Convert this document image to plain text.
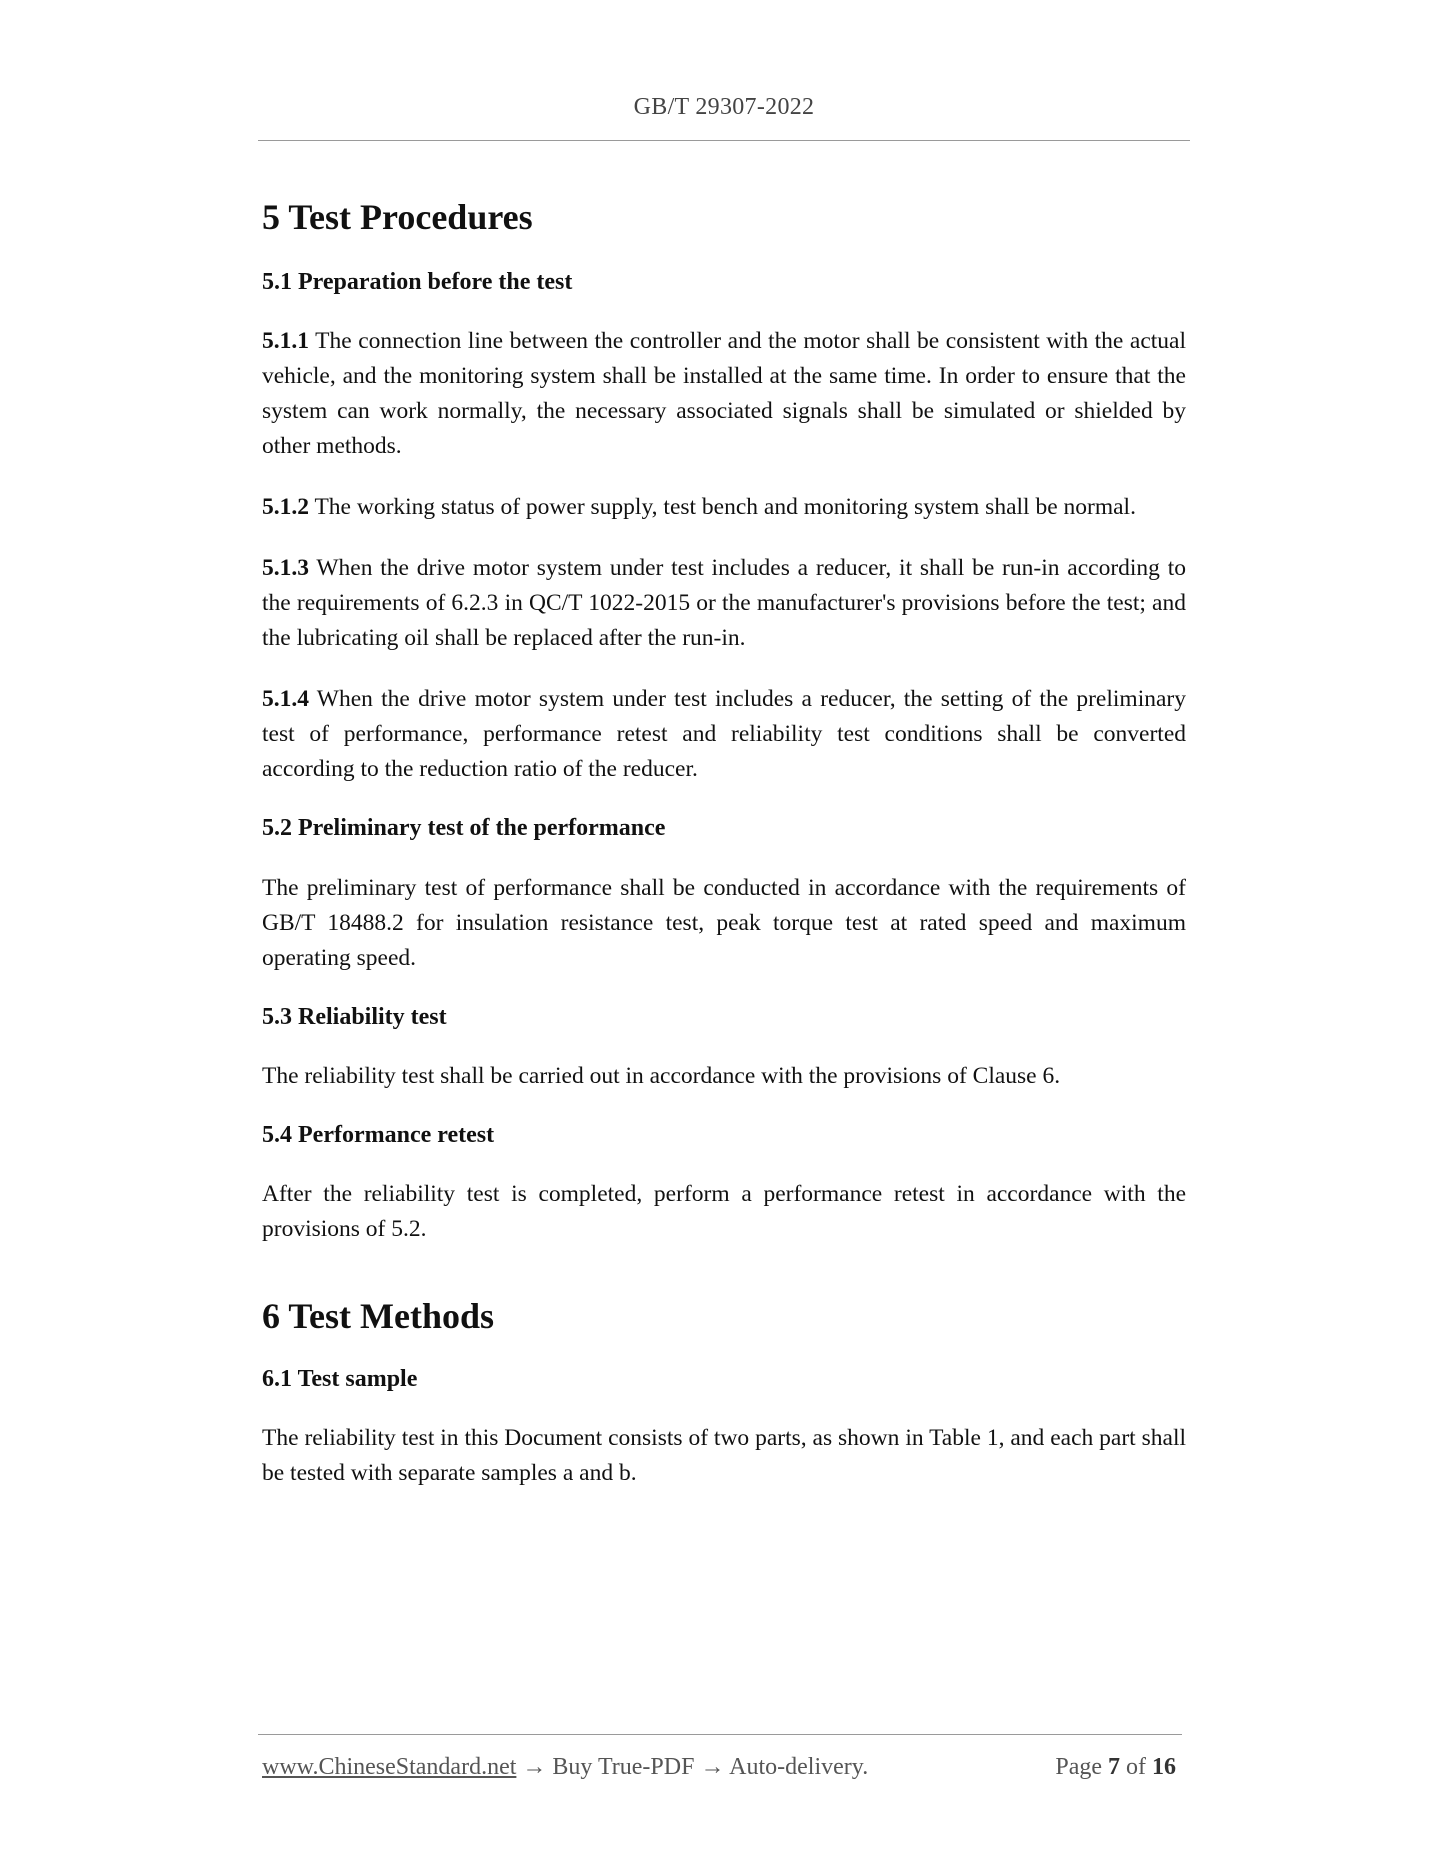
GB/T 29307-2022
5 Test Procedures
5.1 Preparation before the test

5.1.1 The connection line between the controller and the motor shall be consistent with the actual vehicle, and the monitoring system shall be installed at the same time. In order to ensure that the system can work normally, the necessary associated signals shall be simulated or shielded by other methods.

5.1.2 The working status of power supply, test bench and monitoring system shall be normal.

5.1.3 When the drive motor system under test includes a reducer, it shall be run-in according to the requirements of 6.2.3 in QC/T 1022-2015 or the manufacturer's provisions before the test; and the lubricating oil shall be replaced after the run-in.

5.1.4 When the drive motor system under test includes a reducer, the setting of the preliminary test of performance, performance retest and reliability test conditions shall be converted according to the reduction ratio of the reducer.

5.2 Preliminary test of the performance

The preliminary test of performance shall be conducted in accordance with the requirements of GB/T 18488.2 for insulation resistance test, peak torque test at rated speed and maximum operating speed.

5.3 Reliability test

The reliability test shall be carried out in accordance with the provisions of Clause 6.

5.4 Performance retest

After the reliability test is completed, perform a performance retest in accordance with the provisions of 5.2.

6 Test Methods
6.1 Test sample

The reliability test in this Document consists of two parts, as shown in Table 1, and each part shall be tested with separate samples a and b.

www.ChineseStandard.net → Buy True-PDF → Auto-delivery.	Page 7 of 16
